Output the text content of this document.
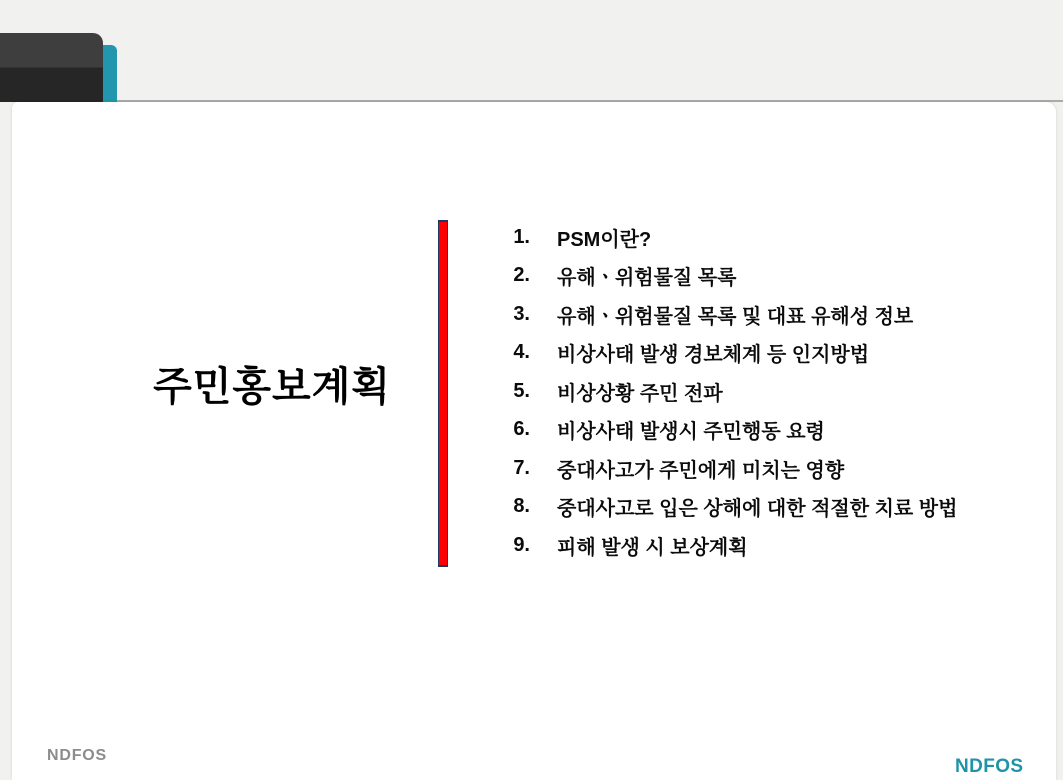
주민홍보계획
1. PSM이란?
2. 유해ㆍ위험물질 목록
3. 유해ㆍ위험물질 목록 및 대표 유해성 정보
4. 비상사태 발생 경보체계 등 인지방법
5. 비상상황 주민 전파
6. 비상사태 발생시 주민행동 요령
7. 중대사고가 주민에게 미치는 영향
8. 중대사고로 입은 상해에 대한 적절한 치료 방법
9. 피해 발생 시 보상계획
NDFOS
NDFOS
